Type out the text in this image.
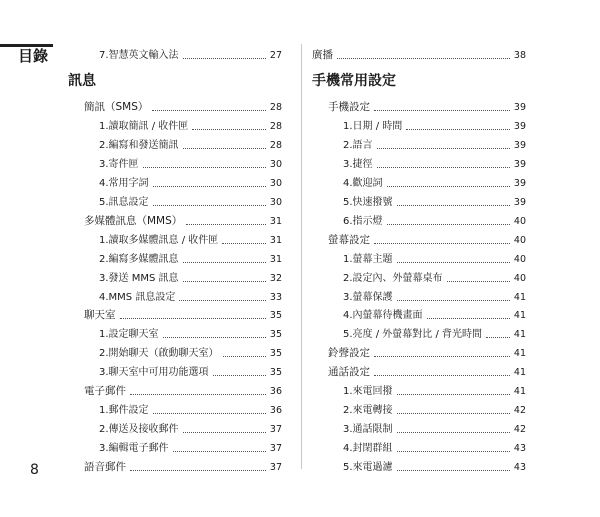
目錄
8
7.智慧英文輸入法	27
訊息
簡訊（SMS）	28
1.讀取簡訊 / 收件匣	28
2.編寫和發送簡訊	28
3.寄件匣	30
4.常用字詞	30
5.訊息設定	30
多媒體訊息（MMS）	31
1.讀取多媒體訊息 / 收件匣	31
2.編寫多媒體訊息	31
3.發送 MMS 訊息	32
4.MMS 訊息設定	33
聊天室	35
1.設定聊天室	35
2.開始聊天（啟動聊天室）	35
3.聊天室中可用功能選項	35
電子郵件	36
1.郵件設定	36
2.傳送及接收郵件	37
3.編輯電子郵件	37
語音郵件	37
廣播	38
手機常用設定
手機設定	39
1.日期 / 時間	39
2.語言	39
3.捷徑	39
4.歡迎詞	39
5.快速撥號	39
6.指示燈	40
螢幕設定	40
1.螢幕主題	40
2.設定內、外螢幕桌布	40
3.螢幕保護	41
4.內螢幕待機畫面	41
5.亮度 / 外螢幕對比 / 背光時間	41
鈴聲設定	41
通話設定	41
1.來電回撥	41
2.來電轉接	42
3.通話限制	42
4.封閉群組	43
5.來電過濾	43
